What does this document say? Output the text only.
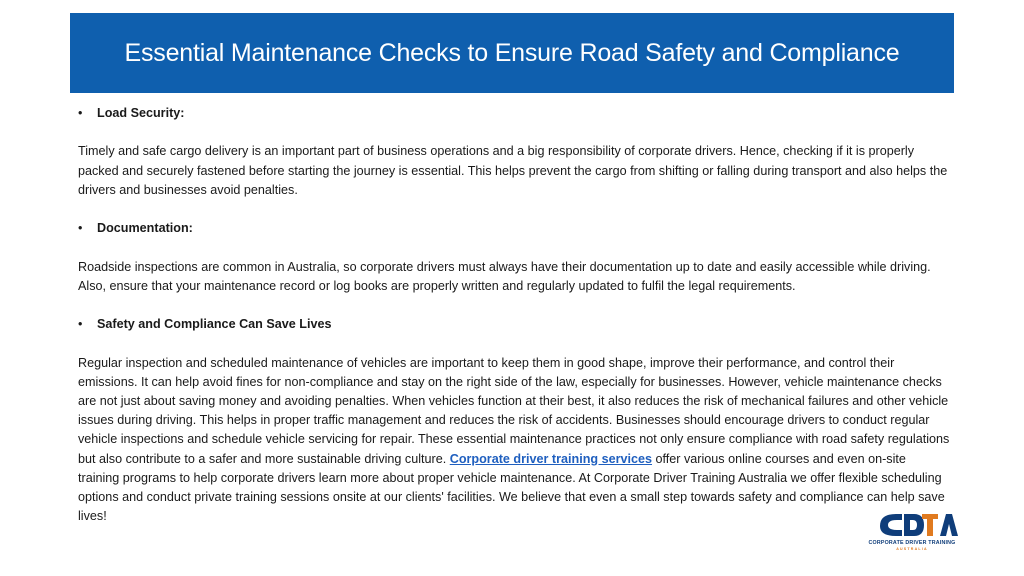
Essential Maintenance Checks to Ensure Road Safety and Compliance

•	Load Security:

Timely and safe cargo delivery is an important part of business operations and a big responsibility of corporate drivers. Hence, checking if it is properly packed and securely fastened before starting the journey is essential. This helps prevent the cargo from shifting or falling during transport and also helps the drivers and businesses avoid penalties.

•	Documentation:

Roadside inspections are common in Australia, so corporate drivers must always have their documentation up to date and easily accessible while driving. Also, ensure that your maintenance record or log books are properly written and regularly updated to fulfil the legal requirements.

•	Safety and Compliance Can Save Lives

Regular inspection and scheduled maintenance of vehicles are important to keep them in good shape, improve their performance, and control their emissions. It can help avoid fines for non-compliance and stay on the right side of the law, especially for businesses. However, vehicle maintenance checks are not just about saving money and avoiding penalties. When vehicles function at their best, it also reduces the risk of mechanical failures and other vehicle issues during driving. This helps in proper traffic management and reduces the risk of accidents. Businesses should encourage drivers to conduct regular vehicle inspections and schedule vehicle servicing for repair. These essential maintenance practices not only ensure compliance with road safety regulations but also contribute to a safer and more sustainable driving culture. Corporate driver training services offer various online courses and even on-site training programs to help corporate drivers learn more about proper vehicle maintenance. At Corporate Driver Training Australia we offer flexible scheduling options and conduct private training sessions onsite at our clients' facilities. We believe that even a small step towards safety and compliance can help save lives!

CORPORATE DRIVER TRAINING
AUSTRALIA
